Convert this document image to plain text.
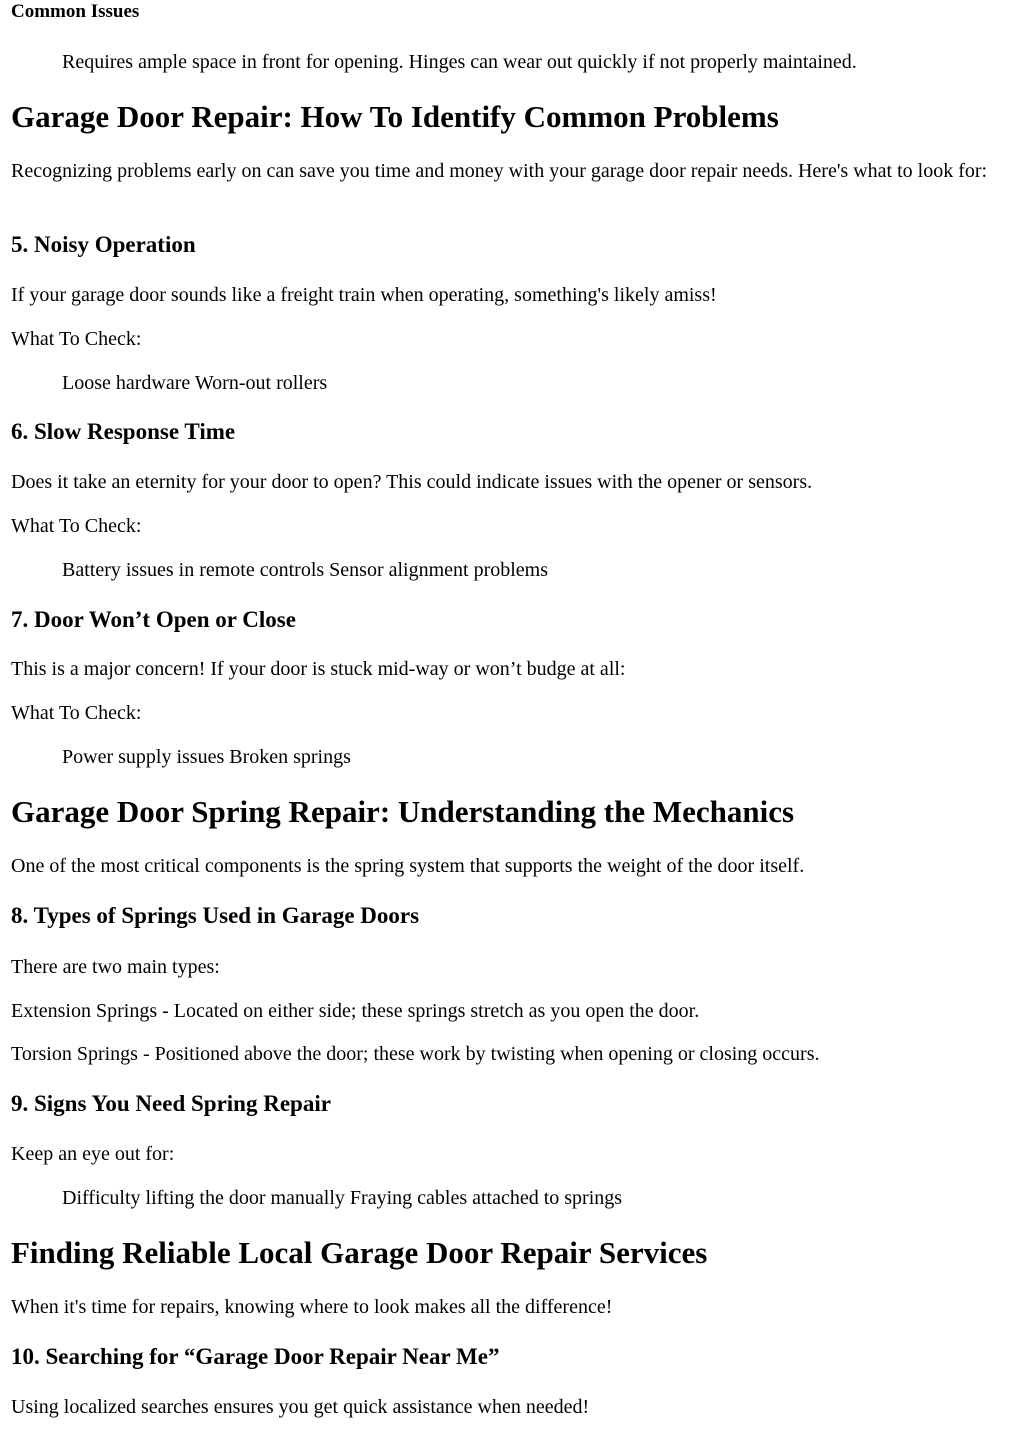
Common Issues

Requires ample space in front for opening. Hinges can wear out quickly if not properly maintained.

Garage Door Repair: How To Identify Common Problems

Recognizing problems early on can save you time and money with your garage door repair needs. Here's what to look for:

5. Noisy Operation

If your garage door sounds like a freight train when operating, something's likely amiss!

What To Check:

Loose hardware Worn-out rollers

6. Slow Response Time

Does it take an eternity for your door to open? This could indicate issues with the opener or sensors.

What To Check:

Battery issues in remote controls Sensor alignment problems

7. Door Won’t Open or Close

This is a major concern! If your door is stuck mid-way or won’t budge at all:

What To Check:

Power supply issues Broken springs

Garage Door Spring Repair: Understanding the Mechanics

One of the most critical components is the spring system that supports the weight of the door itself.

8. Types of Springs Used in Garage Doors

There are two main types:

Extension Springs - Located on either side; these springs stretch as you open the door.

Torsion Springs - Positioned above the door; these work by twisting when opening or closing occurs.

9. Signs You Need Spring Repair

Keep an eye out for:

Difficulty lifting the door manually Fraying cables attached to springs

Finding Reliable Local Garage Door Repair Services

When it's time for repairs, knowing where to look makes all the difference!

10. Searching for “Garage Door Repair Near Me”

Using localized searches ensures you get quick assistance when needed!
